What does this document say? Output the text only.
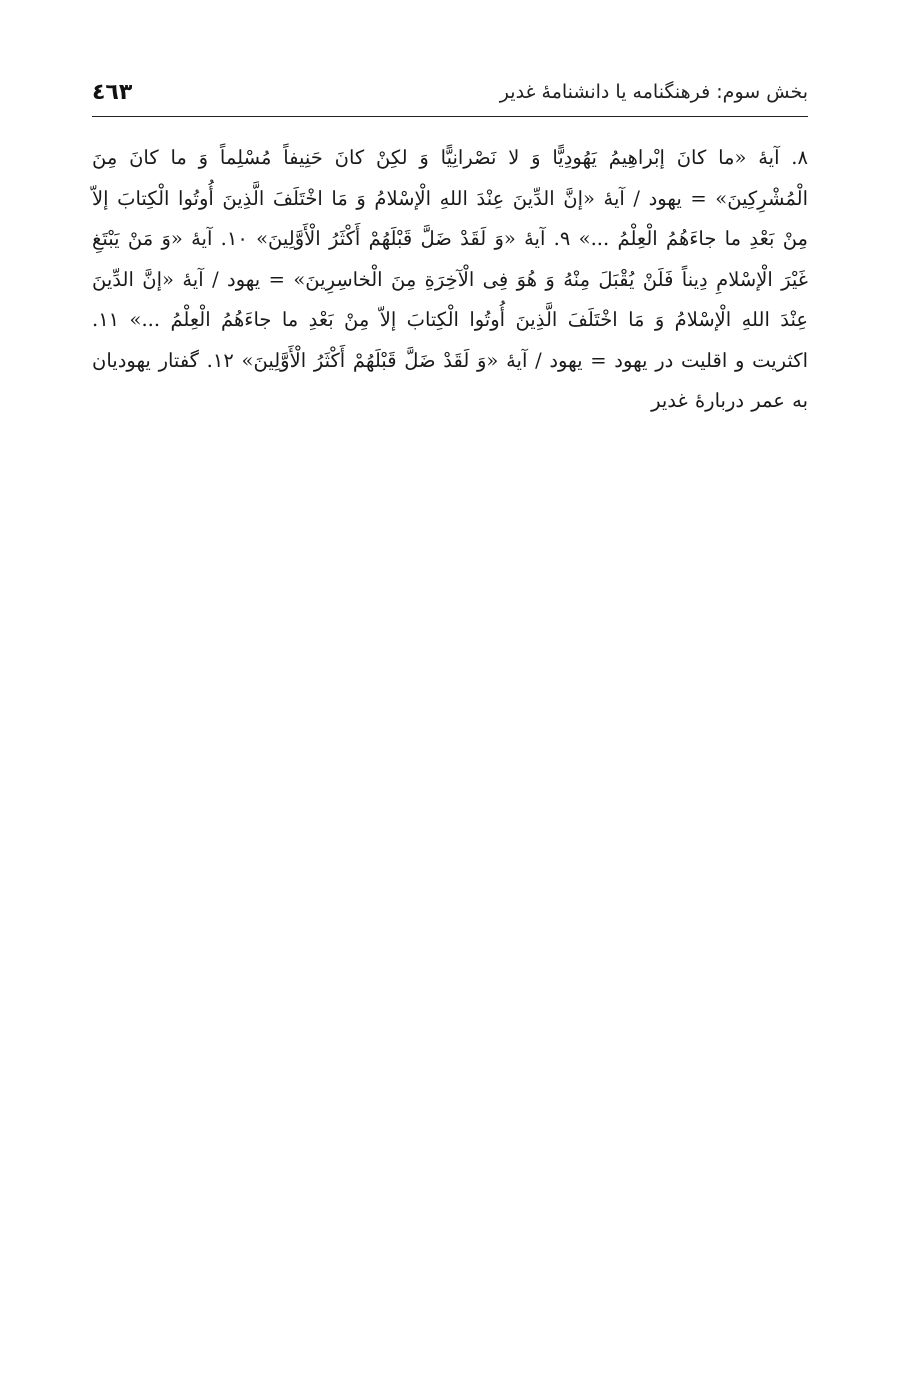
بخش سوم: فرهنگنامه یا دانشنامهٔ غدیر
٤٦٣

٨. آیهٔ «ما کانَ إبْراهِیمُ یَهُودِیًّا وَ لا نَصْرانِیًّا وَ لکِنْ کانَ حَنِیفاً مُسْلِماً وَ ما کانَ مِنَ الْمُشْرِکِینَ» = یهود / آیهٔ «إنَّ الدِّینَ عِنْدَ اللهِ الْإسْلامُ وَ مَا اخْتَلَفَ الَّذِینَ أُوتُوا الْکِتابَ إلاّ مِنْ بَعْدِ ما جاءَهُمُ الْعِلْمُ ...» ٩. آیهٔ «وَ لَقَدْ ضَلَّ قَبْلَهُمْ أَکْثَرُ الْأَوَّلِینَ» ١٠. آیهٔ «وَ مَنْ یَبْتَغِ غَیْرَ الْإسْلامِ دِیناً فَلَنْ یُقْبَلَ مِنْهُ وَ هُوَ فِی الْآخِرَةِ مِنَ الْخاسِرِینَ» = یهود / آیهٔ «إنَّ الدِّینَ عِنْدَ اللهِ الْإسْلامُ وَ مَا اخْتَلَفَ الَّذِینَ أُوتُوا الْکِتابَ إلاّ مِنْ بَعْدِ ما جاءَهُمُ الْعِلْمُ ...» ١١. اکثریت و اقلیت در یهود = یهود / آیهٔ «وَ لَقَدْ ضَلَّ قَبْلَهُمْ أَکْثَرُ الْأَوَّلِینَ» ١٢. گفتار یهودیان به عمر دربارهٔ غدیر
